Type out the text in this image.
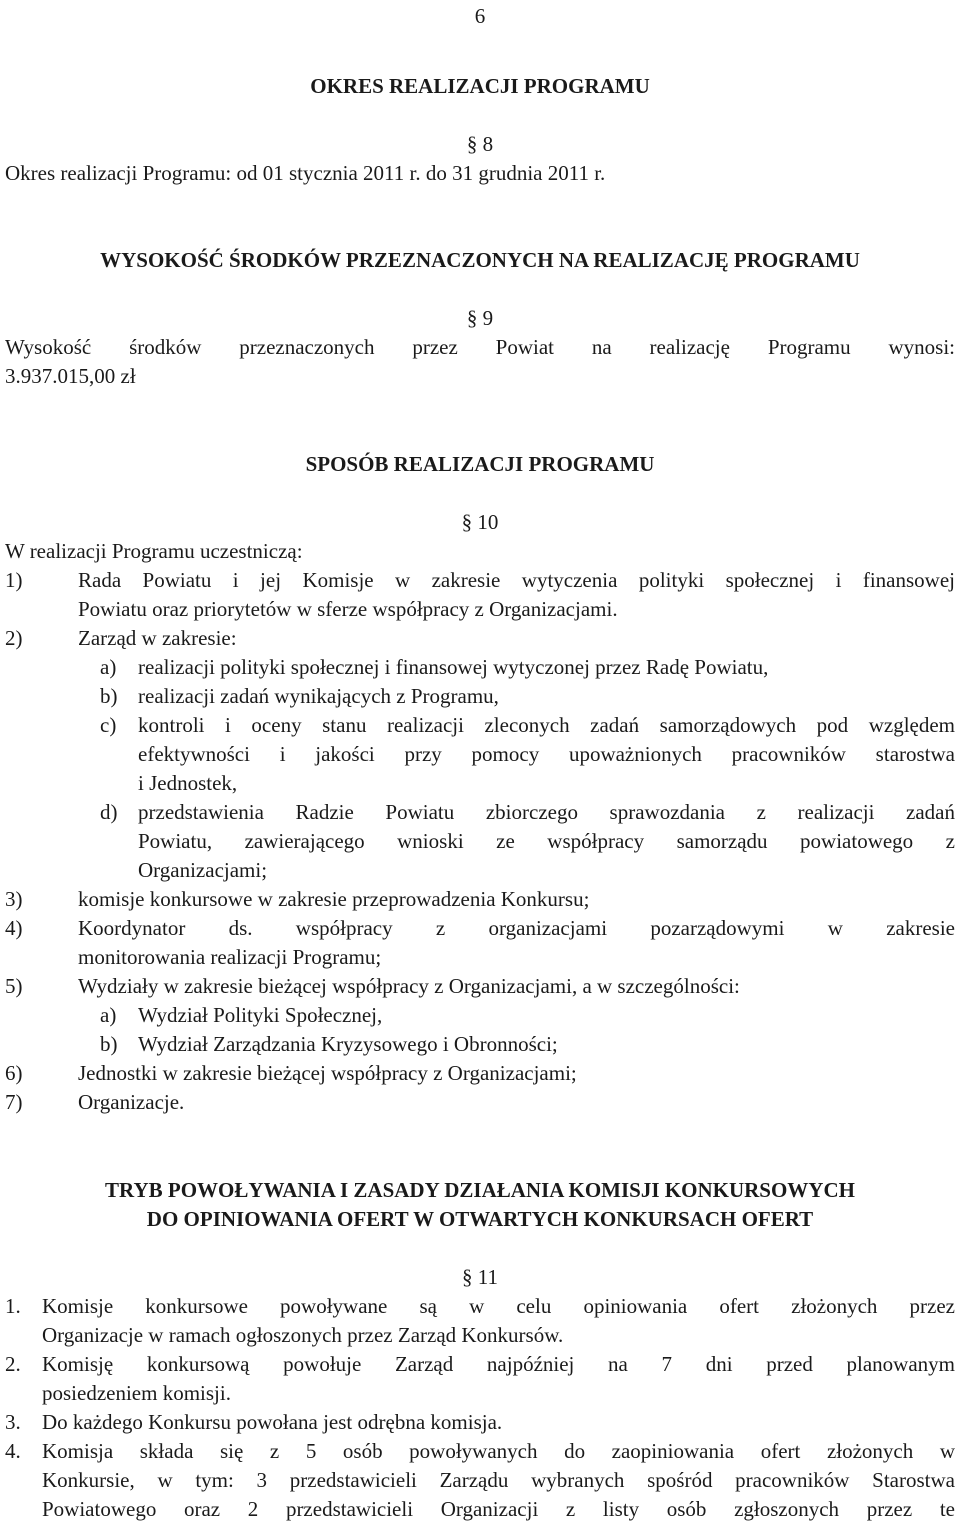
6
OKRES REALIZACJI PROGRAMU
§ 8
Okres realizacji Programu: od 01 stycznia 2011 r. do 31 grudnia 2011 r.
WYSOKOŚĆ ŚRODKÓW PRZEZNACZONYCH NA REALIZACJĘ PROGRAMU
§ 9
Wysokość środków przeznaczonych przez Powiat na realizację Programu wynosi:
3.937.015,00 zł
SPOSÓB REALIZACJI PROGRAMU
§ 10
W realizacji Programu uczestniczą:
1)	Rada Powiatu i jej Komisje w zakresie wytyczenia polityki społecznej i finansowej
Powiatu oraz priorytetów w sferze współpracy z Organizacjami.
2)	Zarząd w zakresie:
a) realizacji polityki społecznej i finansowej wytyczonej przez Radę Powiatu,
b) realizacji zadań wynikających z Programu,
c) kontroli i oceny stanu realizacji zleconych zadań samorządowych pod względem
efektywności i jakości przy pomocy upoważnionych pracowników starostwa
i Jednostek,
d) przedstawienia Radzie Powiatu zbiorczego sprawozdania z realizacji zadań
Powiatu, zawierającego wnioski ze współpracy samorządu powiatowego z
Organizacjami;
3)	komisje konkursowe w zakresie przeprowadzenia Konkursu;
4)	Koordynator ds. współpracy z organizacjami pozarządowymi w zakresie
monitorowania realizacji Programu;
5)	Wydziały w zakresie bieżącej współpracy z Organizacjami, a w szczególności:
a) Wydział Polityki Społecznej,
b) Wydział Zarządzania Kryzysowego i Obronności;
6)	Jednostki w zakresie bieżącej współpracy z Organizacjami;
7)	Organizacje.
TRYB POWOŁYWANIA I ZASADY DZIAŁANIA KOMISJI KONKURSOWYCH
DO OPINIOWANIA OFERT W OTWARTYCH KONKURSACH OFERT
§ 11
1. Komisje konkursowe powoływane są w celu opiniowania ofert złożonych przez
Organizacje w ramach ogłoszonych przez Zarząd Konkursów.
2. Komisję konkursową powołuje Zarząd najpóźniej na 7 dni przed planowanym
posiedzeniem komisji.
3. Do każdego Konkursu powołana jest odrębna komisja.
4. Komisja składa się z 5 osób powoływanych do zaopiniowania ofert złożonych w
Konkursie, w tym: 3 przedstawicieli Zarządu wybranych spośród pracowników Starostwa
Powiatowego oraz 2 przedstawicieli Organizacji z listy osób zgłoszonych przez te
